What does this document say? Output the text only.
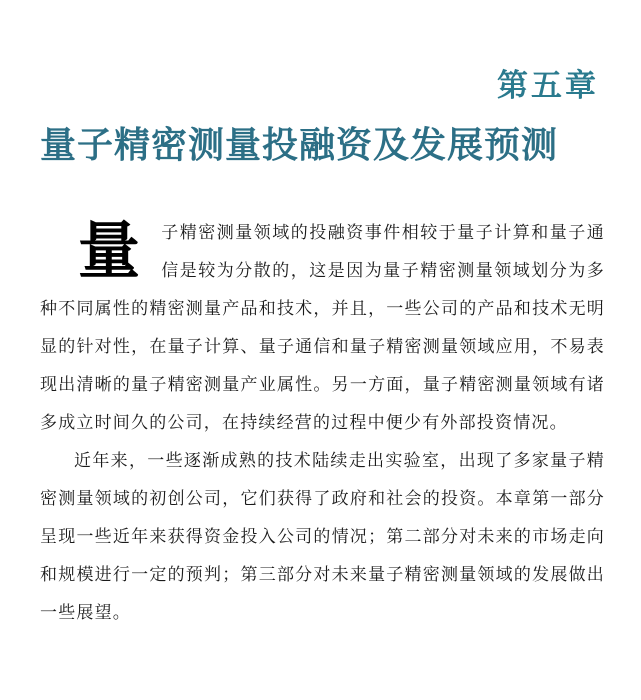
第五章
量子精密测量投融资及发展预测

量 子精密测量领域的投融资事件相较于量子计算和量子通信是较为分散的，这是因为量子精密测量领域划分为多种不同属性的精密测量产品和技术，并且，一些公司的产品和技术无明显的针对性，在量子计算、量子通信和量子精密测量领域应用，不易表现出清晰的量子精密测量产业属性。另一方面，量子精密测量领域有诸多成立时间久的公司，在持续经营的过程中便少有外部投资情况。

近年来，一些逐渐成熟的技术陆续走出实验室，出现了多家量子精密测量领域的初创公司，它们获得了政府和社会的投资。本章第一部分呈现一些近年来获得资金投入公司的情况；第二部分对未来的市场走向和规模进行一定的预判；第三部分对未来量子精密测量领域的发展做出一些展望。
